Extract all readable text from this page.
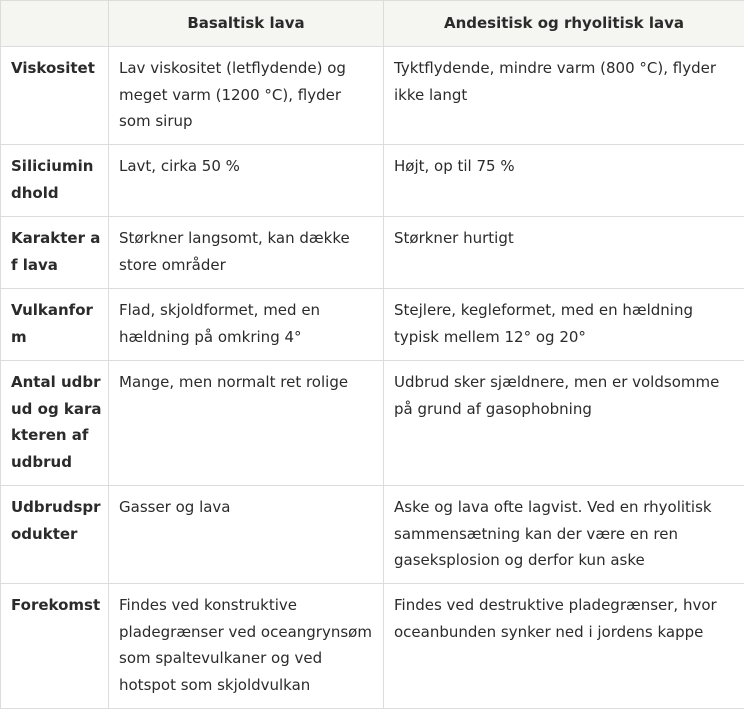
	Basaltisk lava	Andesitisk og rhyolitisk lava
Viskositet	Lav viskositet (letflydende) og meget varm (1200 °C), flyder som sirup	Tyktflydende, mindre varm (800 °C), flyder ikke langt
Siliciumindhold	Lavt, cirka 50 %	Højt, op til 75 %
Karakter af lava	Størkner langsomt, kan dække store områder	Størkner hurtigt
Vulkanform	Flad, skjoldformet, med en hældning på omkring 4°	Stejlere, kegleformet, med en hældning typisk mellem 12° og 20°
Antal udbrud og karakteren af udbrud	Mange, men normalt ret rolige	Udbrud sker sjældnere, men er voldsomme på grund af gasophobning
Udbrudsprodukter	Gasser og lava	Aske og lava ofte lagvist. Ved en rhyolitisk sammensætning kan der være en ren gaseksplosion og derfor kun aske
Forekomst	Findes ved konstruktive pladegrænser ved oceangrynsøm som spaltevulkaner og ved hotspot som skjoldvulkan	Findes ved destruktive pladegrænser, hvor oceanbunden synker ned i jordens kappe
